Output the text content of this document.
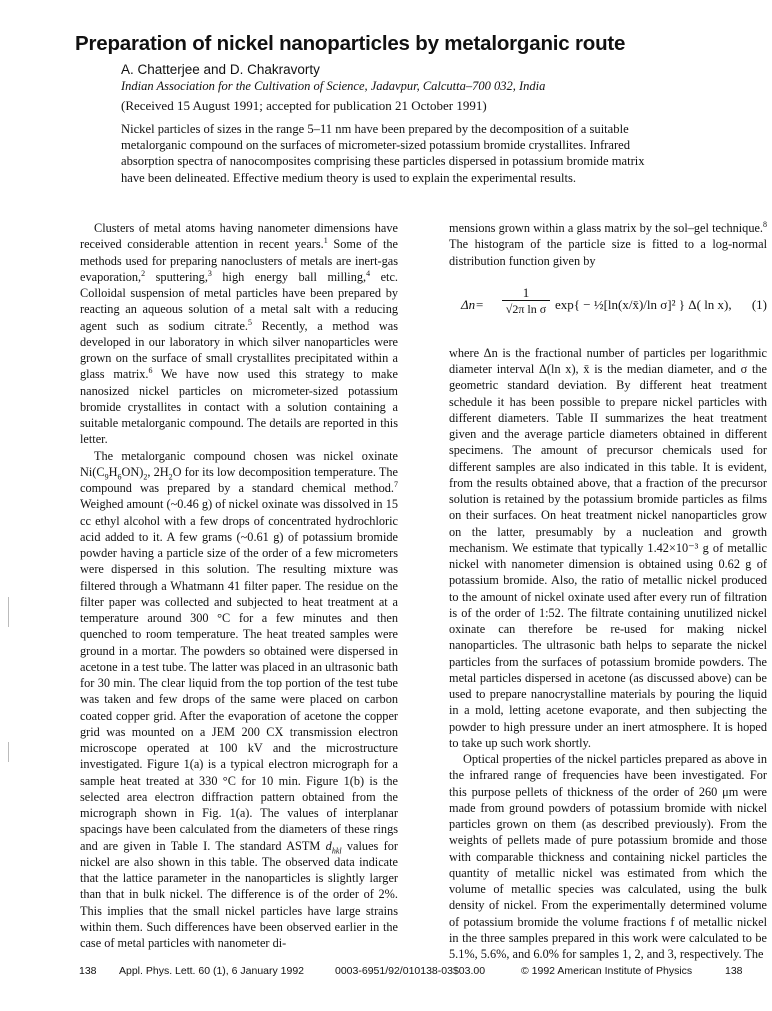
Preparation of nickel nanoparticles by metalorganic route
A. Chatterjee and D. Chakravorty
Indian Association for the Cultivation of Science, Jadavpur, Calcutta–700 032, India
(Received 15 August 1991; accepted for publication 21 October 1991)
Nickel particles of sizes in the range 5–11 nm have been prepared by the decomposition of a suitable metalorganic compound on the surfaces of micrometer-sized potassium bromide crystallites. Infrared absorption spectra of nanocomposites comprising these particles dispersed in potassium bromide matrix have been delineated. Effective medium theory is used to explain the experimental results.

Clusters of metal atoms having nanometer dimensions have received considerable attention in recent years.$^1$ Some of the methods used for preparing nanoclusters of metals are inert-gas evaporation,$^2$ sputtering,$^3$ high energy ball milling,$^4$ etc. Colloidal suspension of metal particles have been prepared by reacting an aqueous solution of a metal salt with a reducing agent such as sodium citrate.$^5$ Recently, a method was developed in our laboratory in which silver nanoparticles were grown on the surface of small crystallites precipitated within a glass matrix.$^6$ We have now used this strategy to make nanosized nickel particles on micrometer-sized potassium bromide crystallites in contact with a solution containing a suitable metalorganic compound. The details are reported in this letter.

The metalorganic compound chosen was nickel oxinate $Ni(C_9H_6ON)_2$, $2H_2O$ for its low decomposition temperature. The compound was prepared by a standard chemical method.$^7$ Weighed amount (~0.46 g) of nickel oxinate was dissolved in 15 cc ethyl alcohol with a few drops of concentrated hydrochloric acid added to it. A few grams (~0.61 g) of potassium bromide powder having a particle size of the order of a few micrometers were dispersed in this solution. The resulting mixture was filtered through a Whatmann 41 filter paper. The residue on the filter paper was collected and subjected to heat treatment at a temperature around 300 °C for a few minutes and then quenched to room temperature. The heat treated samples were ground in a mortar. The powders so obtained were dispersed in acetone in a test tube. The latter was placed in an ultrasonic bath for 30 min. The clear liquid from the top portion of the test tube was taken and few drops of the same were placed on carbon coated copper grid. After the evaporation of acetone the copper grid was mounted on a JEM 200 CX transmission electron microscope operated at 100 kV and the microstructure investigated. Figure 1(a) is a typical electron micrograph for a sample heat treated at 330 °C for 10 min. Figure 1(b) is the selected area electron diffraction pattern obtained from the micrograph shown in Fig. 1(a). The values of interplanar spacings have been calculated from the diameters of these rings and are given in Table I. The standard ASTM $d_{hkl}$ values for nickel are also shown in this table. The observed data indicate that the lattice parameter in the nanoparticles is slightly larger than that in bulk nickel. The difference is of the order of 2%. This implies that the small nickel particles have large strains within them. Such differences have been observed earlier in the case of metal particles with nanometer di-

mensions grown within a glass matrix by the sol–gel technique.$^8$ The histogram of the particle size is fitted to a log-normal distribution function given by

$\Delta n= \frac{1}{\text{√2π ln σ}} \exp${ − ½[ln(x/x̄)/ln σ]² } Δ( ln x), (1)

where Δn is the fractional number of particles per logarithmic diameter interval Δ(ln x), x̄ is the median diameter, and σ the geometric standard deviation. By different heat treatment schedule it has been possible to prepare nickel particles with different diameters. Table II summarizes the heat treatment given and the average particle diameters obtained in different specimens. The amount of precursor chemicals used for different samples are also indicated in this table. It is evident, from the results obtained above, that a fraction of the precursor solution is retained by the potassium bromide particles as films on their surfaces. On heat treatment nickel nanoparticles grow on the latter, presumably by a nucleation and growth mechanism. We estimate that typically 1.42×10⁻³ g of metallic nickel with nanometer dimension is obtained using 0.62 g of potassium bromide. Also, the ratio of metallic nickel produced to the amount of nickel oxinate used after every run of filtration is of the order of 1:52. The filtrate containing unutilized nickel oxinate can therefore be re-used for making nickel nanoparticles. The ultrasonic bath helps to separate the nickel particles from the surfaces of potassium bromide powders. The metal particles dispersed in acetone (as discussed above) can be used to prepare nanocrystalline materials by pouring the liquid in a mold, letting acetone evaporate, and then subjecting the powder to high pressure under an inert atmosphere. It is hoped to take up such work shortly.

Optical properties of the nickel particles prepared as above in the infrared range of frequencies have been investigated. For this purpose pellets of thickness of the order of 260 μm were made from ground powders of potassium bromide with nickel particles grown on them (as described previously). From the weights of pellets made of pure potassium bromide and those with comparable thickness and containing nickel particles the quantity of metallic nickel was estimated from which the volume of metallic species was calculated, using the bulk density of nickel. From the experimentally determined volume of potassium bromide the volume fractions f of metallic nickel in the three samples prepared in this work were calculated to be 5.1%, 5.6%, and 6.0% for samples 1, 2, and 3, respectively. The

138 Appl. Phys. Lett. 60 (1), 6 January 1992	0003-6951/92/010138-03$03.00	© 1992 American Institute of Physics	138
